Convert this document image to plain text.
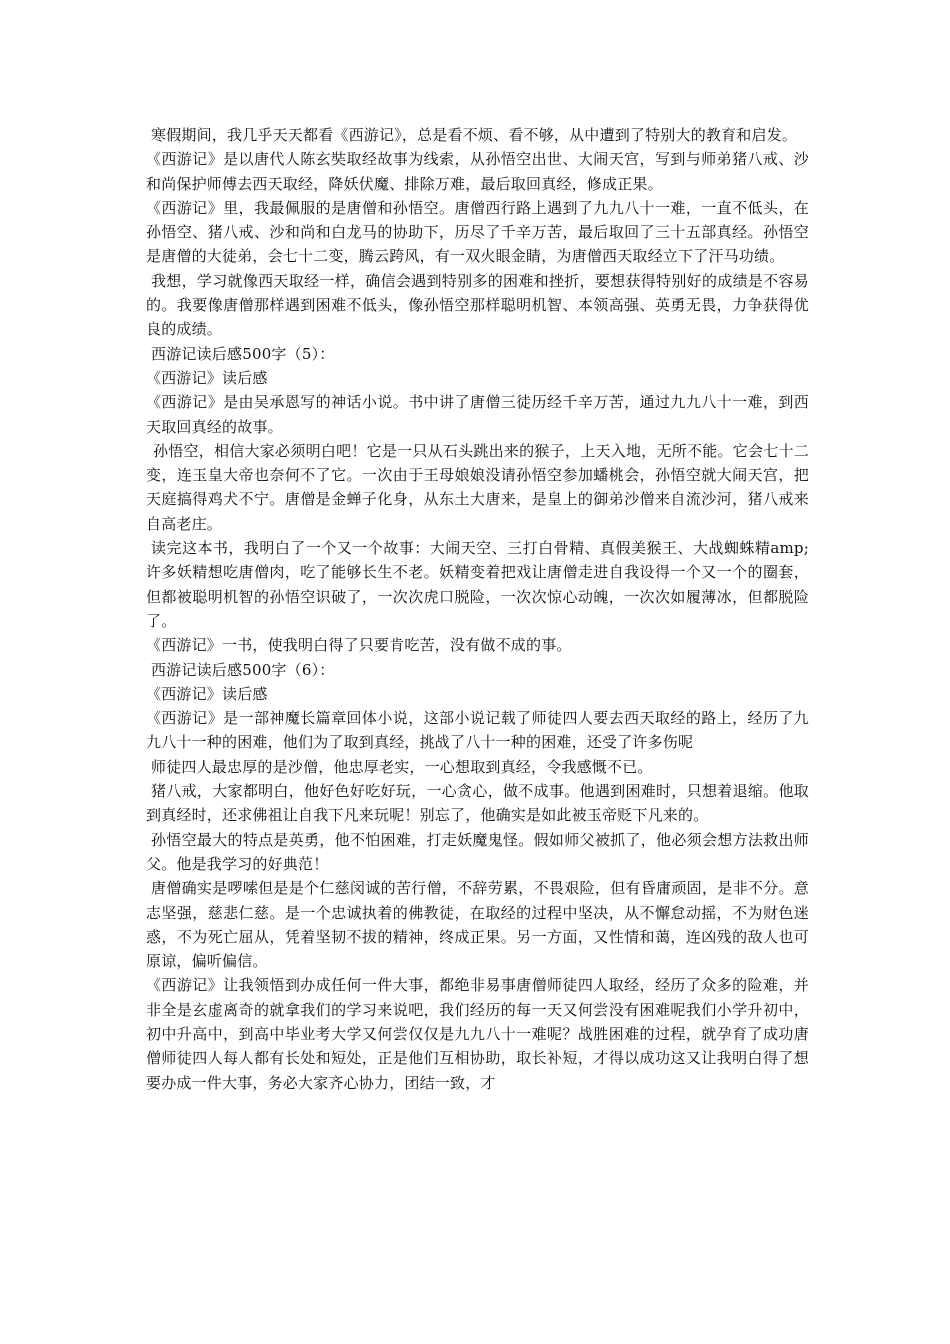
寒假期间，我几乎天天都看《西游记》，总是看不烦、看不够，从中遭到了特别大的教育和启发。

《西游记》是以唐代人陈玄奘取经故事为线索，从孙悟空出世、大闹天宫，写到与师弟猪八戒、沙和尚保护师傅去西天取经，降妖伏魔、排除万难，最后取回真经，修成正果。

《西游记》里，我最佩服的是唐僧和孙悟空。唐僧西行路上遇到了九九八十一难，一直不低头，在孙悟空、猪八戒、沙和尚和白龙马的协助下，历尽了千辛万苦，最后取回了三十五部真经。孙悟空是唐僧的大徒弟，会七十二变，腾云跨风，有一双火眼金睛，为唐僧西天取经立下了汗马功绩。

我想，学习就像西天取经一样，确信会遇到特别多的困难和挫折，要想获得特别好的成绩是不容易的。我要像唐僧那样遇到困难不低头，像孙悟空那样聪明机智、本领高强、英勇无畏，力争获得优良的成绩。

西游记读后感500字（5）：

《西游记》读后感

《西游记》是由吴承恩写的神话小说。书中讲了唐僧三徒历经千辛万苦，通过九九八十一难，到西天取回真经的故事。

孙悟空，相信大家必须明白吧！它是一只从石头跳出来的猴子，上天入地，无所不能。它会七十二变，连玉皇大帝也奈何不了它。一次由于王母娘娘没请孙悟空参加蟠桃会，孙悟空就大闹天宫，把天庭搞得鸡犬不宁。唐僧是金蝉子化身，从东土大唐来，是皇上的御弟沙僧来自流沙河，猪八戒来自高老庄。

读完这本书，我明白了一个又一个故事：大闹天空、三打白骨精、真假美猴王、大战蜘蛛精amp;许多妖精想吃唐僧肉，吃了能够长生不老。妖精变着把戏让唐僧走进自我设得一个又一个的圈套，但都被聪明机智的孙悟空识破了，一次次虎口脱险，一次次惊心动魄，一次次如履薄冰，但都脱险了。

《西游记》一书，使我明白得了只要肯吃苦，没有做不成的事。

西游记读后感500字（6）：

《西游记》读后感

《西游记》是一部神魔长篇章回体小说，这部小说记载了师徒四人要去西天取经的路上，经历了九九八十一种的困难，他们为了取到真经，挑战了八十一种的困难，还受了许多伤呢

师徒四人最忠厚的是沙僧，他忠厚老实，一心想取到真经，令我感慨不已。

猪八戒，大家都明白，他好色好吃好玩，一心贪心，做不成事。他遇到困难时，只想着退缩。他取到真经时，还求佛祖让自我下凡来玩呢！别忘了，他确实是如此被玉帝贬下凡来的。

孙悟空最大的特点是英勇，他不怕困难，打走妖魔鬼怪。假如师父被抓了，他必须会想方法救出师父。他是我学习的好典范！

唐僧确实是啰嗦但是是个仁慈闵诚的苦行僧，不辞劳累，不畏艰险，但有昏庸顽固，是非不分。意志坚强，慈悲仁慈。是一个忠诚执着的佛教徒，在取经的过程中坚决，从不懈怠动摇，不为财色迷惑，不为死亡屈从，凭着坚韧不拔的精神，终成正果。另一方面，又性情和蔼，连凶残的敌人也可原谅，偏听偏信。

《西游记》让我领悟到办成任何一件大事，都绝非易事唐僧师徒四人取经，经历了众多的险难，并非全是玄虚离奇的就拿我们的学习来说吧，我们经历的每一天又何尝没有困难呢我们小学升初中，初中升高中，到高中毕业考大学又何尝仅仅是九九八十一难呢？战胜困难的过程，就孕育了成功唐僧师徒四人每人都有长处和短处，正是他们互相协助，取长补短，才得以成功这又让我明白得了想要办成一件大事，务必大家齐心协力，团结一致，才
